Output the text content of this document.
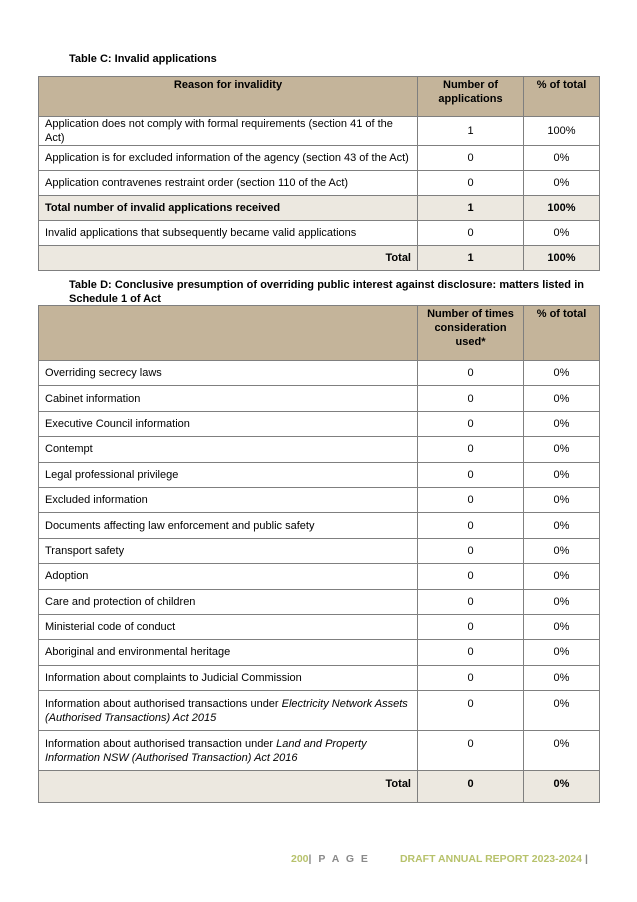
Table C: Invalid applications
Reason for invalidity	Number of applications	% of total
Application does not comply with formal requirements (section 41 of the Act)	1	100%
Application is for excluded information of the agency (section 43 of the Act)	0	0%
Application contravenes restraint order (section 110 of the Act)	0	0%
Total number of invalid applications received	1	100%
Invalid applications that subsequently became valid applications	0	0%
Total	1	100%
Table D: Conclusive presumption of overriding public interest against disclosure: matters listed in Schedule 1 of Act
	Number of times consideration used*	% of total
Overriding secrecy laws	0	0%
Cabinet information	0	0%
Executive Council information	0	0%
Contempt	0	0%
Legal professional privilege	0	0%
Excluded information	0	0%
Documents affecting law enforcement and public safety	0	0%
Transport safety	0	0%
Adoption	0	0%
Care and protection of children	0	0%
Ministerial code of conduct	0	0%
Aboriginal and environmental heritage	0	0%
Information about complaints to Judicial Commission	0	0%
Information about authorised transactions under Electricity Network Assets (Authorised Transactions) Act 2015	0	0%
Information about authorised transaction under Land and Property Information NSW (Authorised Transaction) Act 2016	0	0%
Total	0	0%
200| P A G E	DRAFT ANNUAL REPORT 2023-2024 |
